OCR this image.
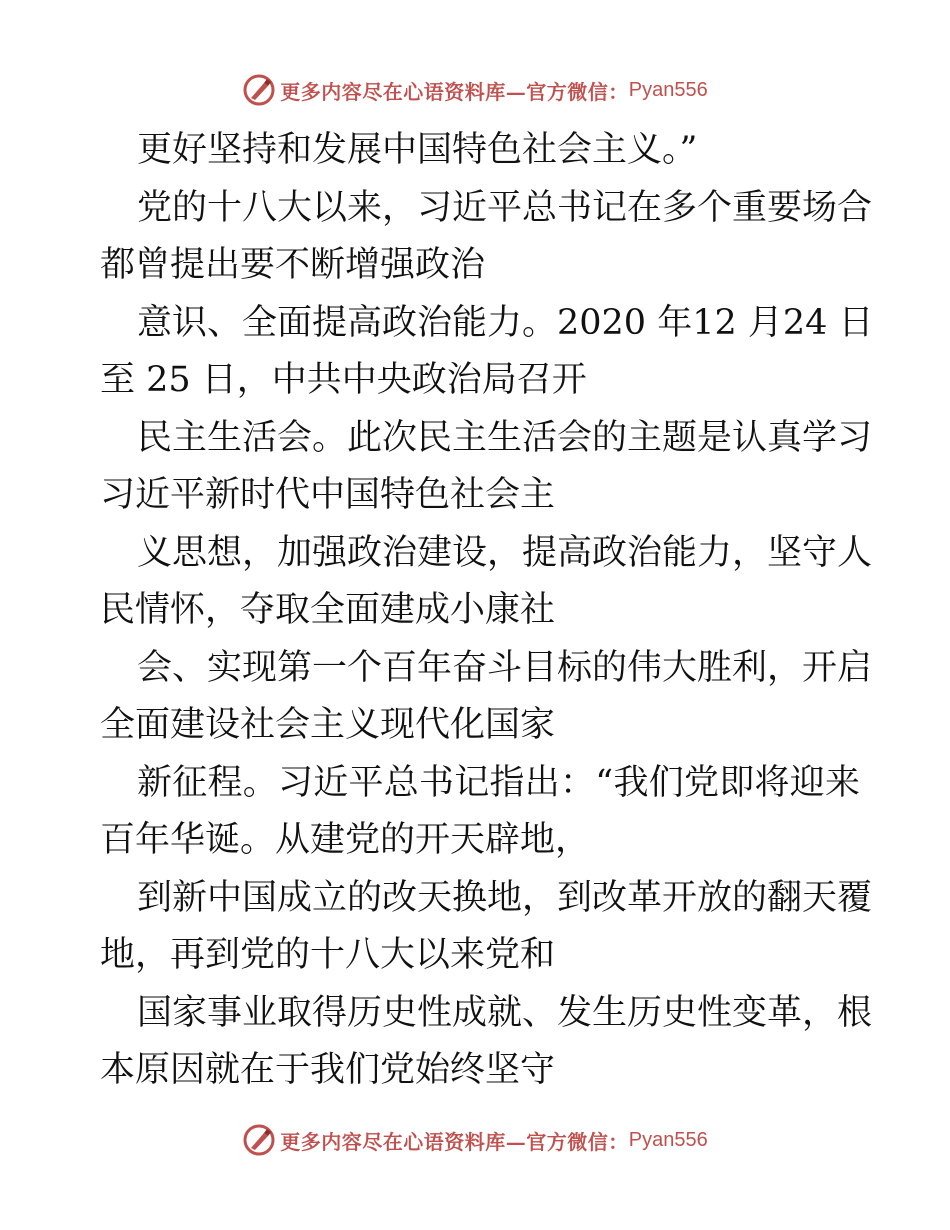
更多内容尽在心语资料库—官方微信： Pyan556
更好坚持和发展中国特色社会主义。”
党的十八大以来，习近平总书记在多个重要场合
都曾提出要不断增强政治
意识、全面提高政治能力。2020 年12 月24 日
至 25 日，中共中央政治局召开
民主生活会。此次民主生活会的主题是认真学习
习近平新时代中国特色社会主
义思想，加强政治建设，提高政治能力，坚守人
民情怀，夺取全面建成小康社
会、实现第一个百年奋斗目标的伟大胜利，开启
全面建设社会主义现代化国家
新征程。习近平总书记指出：“我们党即将迎来
百年华诞。从建党的开天辟地，
到新中国成立的改天换地，到改革开放的翻天覆
地，再到党的十八大以来党和
国家事业取得历史性成就、发生历史性变革，根
本原因就在于我们党始终坚守
更多内容尽在心语资料库—官方微信： Pyan556
